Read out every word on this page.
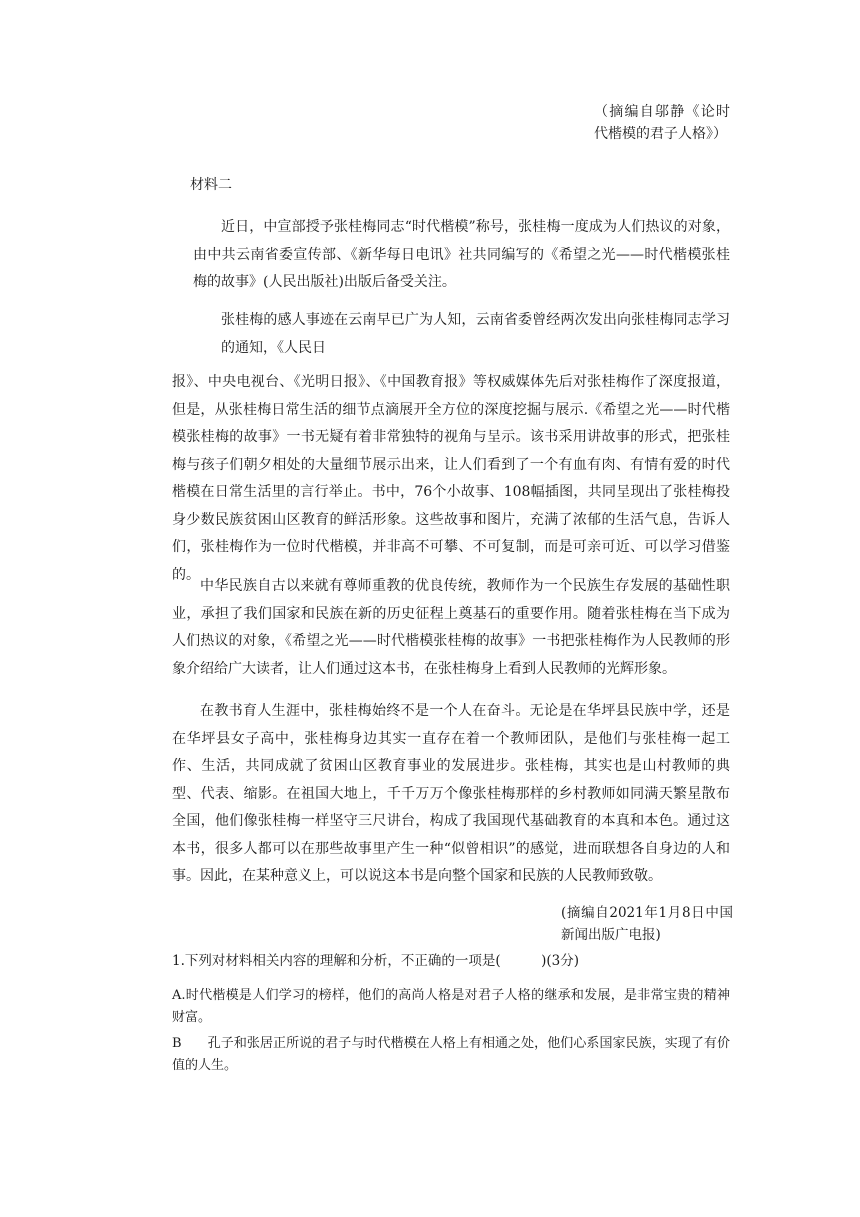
（摘编自邬静《论时代楷模的君子人格》）

材料二

近日，中宣部授予张桂梅同志“时代楷模”称号，张桂梅一度成为人们热议的对象，由中共云南省委宣传部、《新华每日电讯》社共同编写的《希望之光——时代楷模张桂梅的故事》(人民出版社)出版后备受关注。

张桂梅的感人事迹在云南早已广为人知，云南省委曾经两次发出向张桂梅同志学习的通知，《人民日

报》、中央电视台、《光明日报》、《中国教育报》等权威媒体先后对张桂梅作了深度报道，但是，从张桂梅日常生活的细节点滴展开全方位的深度挖掘与展示.《希望之光——时代楷模张桂梅的故事》一书无疑有着非常独特的视角与呈示。该书采用讲故事的形式，把张桂梅与孩子们朝夕相处的大量细节展示出来，让人们看到了一个有血有肉、有情有爱的时代楷模在日常生活里的言行举止。书中，76个小故事、108幅插图，共同呈现出了张桂梅投身少数民族贫困山区教育的鲜活形象。这些故事和图片，充满了浓郁的生活气息，告诉人们，张桂梅作为一位时代楷模，并非高不可攀、不可复制，而是可亲可近、可以学习借鉴的。

中华民族自古以来就有尊师重教的优良传统，教师作为一个民族生存发展的基础性职业，承担了我们国家和民族在新的历史征程上奠基石的重要作用。随着张桂梅在当下成为人们热议的对象，《希望之光——时代楷模张桂梅的故事》一书把张桂梅作为人民教师的形象介绍给广大读者，让人们通过这本书，在张桂梅身上看到人民教师的光辉形象。

在教书育人生涯中，张桂梅始终不是一个人在奋斗。无论是在华坪县民族中学，还是在华坪县女子高中，张桂梅身边其实一直存在着一个教师团队，是他们与张桂梅一起工作、生活，共同成就了贫困山区教育事业的发展进步。张桂梅，其实也是山村教师的典型、代表、缩影。在祖国大地上，千千万万个像张桂梅那样的乡村教师如同满天繁星散布全国，他们像张桂梅一样坚守三尺讲台，构成了我国现代基础教育的本真和本色。通过这本书，很多人都可以在那些故事里产生一种“似曾相识”的感觉，进而联想各自身边的人和事。因此，在某种意义上，可以说这本书是向整个国家和民族的人民教师致敬。

(摘编自2021年1月8日中国新闻出版广电报)

1.下列对材料相关内容的理解和分析，不正确的一项是(　　　)(3分)

A.时代楷模是人们学习的榜样，他们的高尚人格是对君子人格的继承和发展，是非常宝贵的精神财富。

B　　孔子和张居正所说的君子与时代楷模在人格上有相通之处，他们心系国家民族，实现了有价值的人生。
